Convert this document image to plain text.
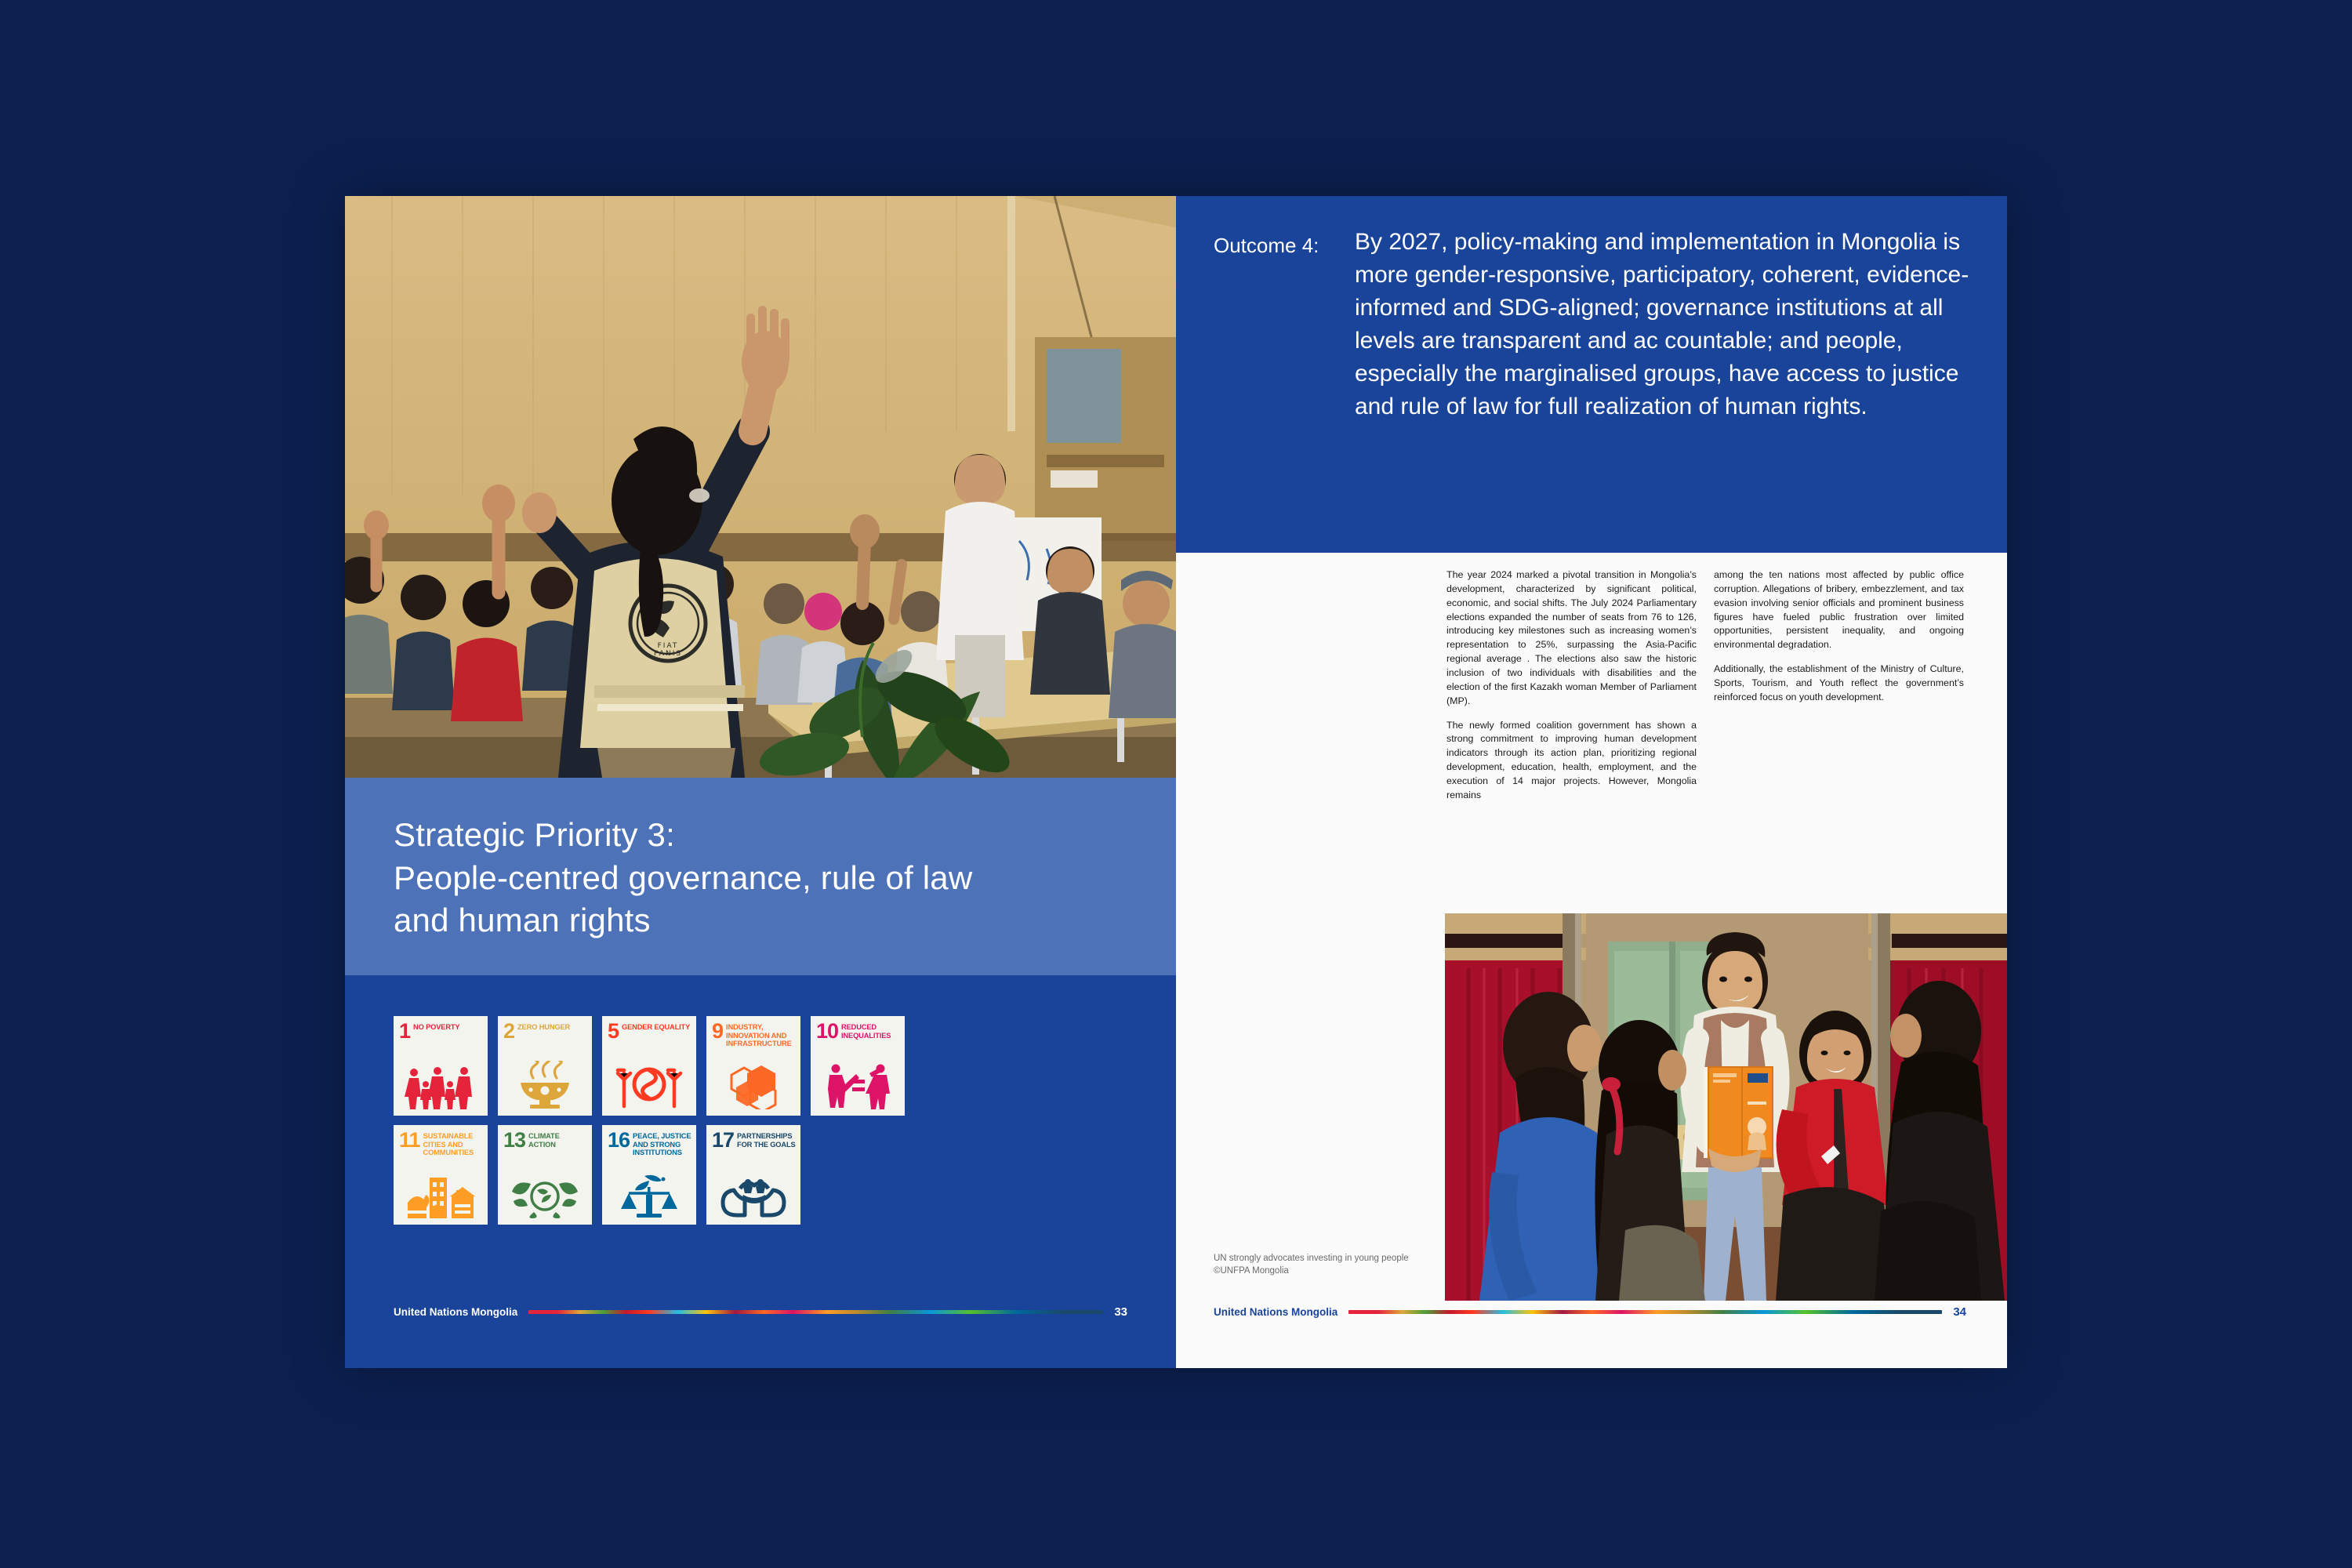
FIAT
PANIS
Strategic Priority 3:
People-centred governance, rule of law
and human rights
1 NO POVERTY 2 ZERO HUNGER 5 GENDER EQUALITY 9 INDUSTRY, INNOVATION AND INFRASTRUCTURE
10 REDUCED INEQUALITIES
11 SUSTAINABLE CITIES AND COMMUNITIES
13 CLIMATE ACTION	16 PEACE, JUSTICE AND STRONG INSTITUTIONS
17 PARTNERSHIPS FOR THE GOALS
United Nations Mongolia	33
Outcome 4: By 2027, policy-making and implementation in Mongolia is more gender-responsive, participatory, coherent, evidence-informed and SDG-aligned; governance institutions at all levels are transparent and ac countable; and people, especially the marginalised groups, have access to justice and rule of law for full realization of human rights.

The year 2024 marked a pivotal transition in Mongolia’s development, characterized by significant political, economic, and social shifts. The July 2024 Parliamentary elections expanded the number of seats from 76 to 126, introducing key milestones such as increasing women’s representation to 25%, surpassing the Asia-Pacific regional average . The elections also saw the historic inclusion of two individuals with disabilities and the election of the first Kazakh woman Member of Parliament (MP).

The newly formed coalition government has shown a strong commitment to improving human development indicators through its action plan, prioritizing regional development, education, health, employment, and the execution of 14 major projects. However, Mongolia remains

among the ten nations most affected by public office corruption. Allegations of bribery, embezzlement, and tax evasion involving senior officials and prominent business figures have fueled public frustration over limited opportunities, persistent inequality, and ongoing environmental degradation.

Additionally, the establishment of the Ministry of Culture, Sports, Tourism, and Youth reflect the government’s reinforced focus on youth development.

UN strongly advocates investing in young people ©UNFPA Mongolia
United Nations Mongolia	34
